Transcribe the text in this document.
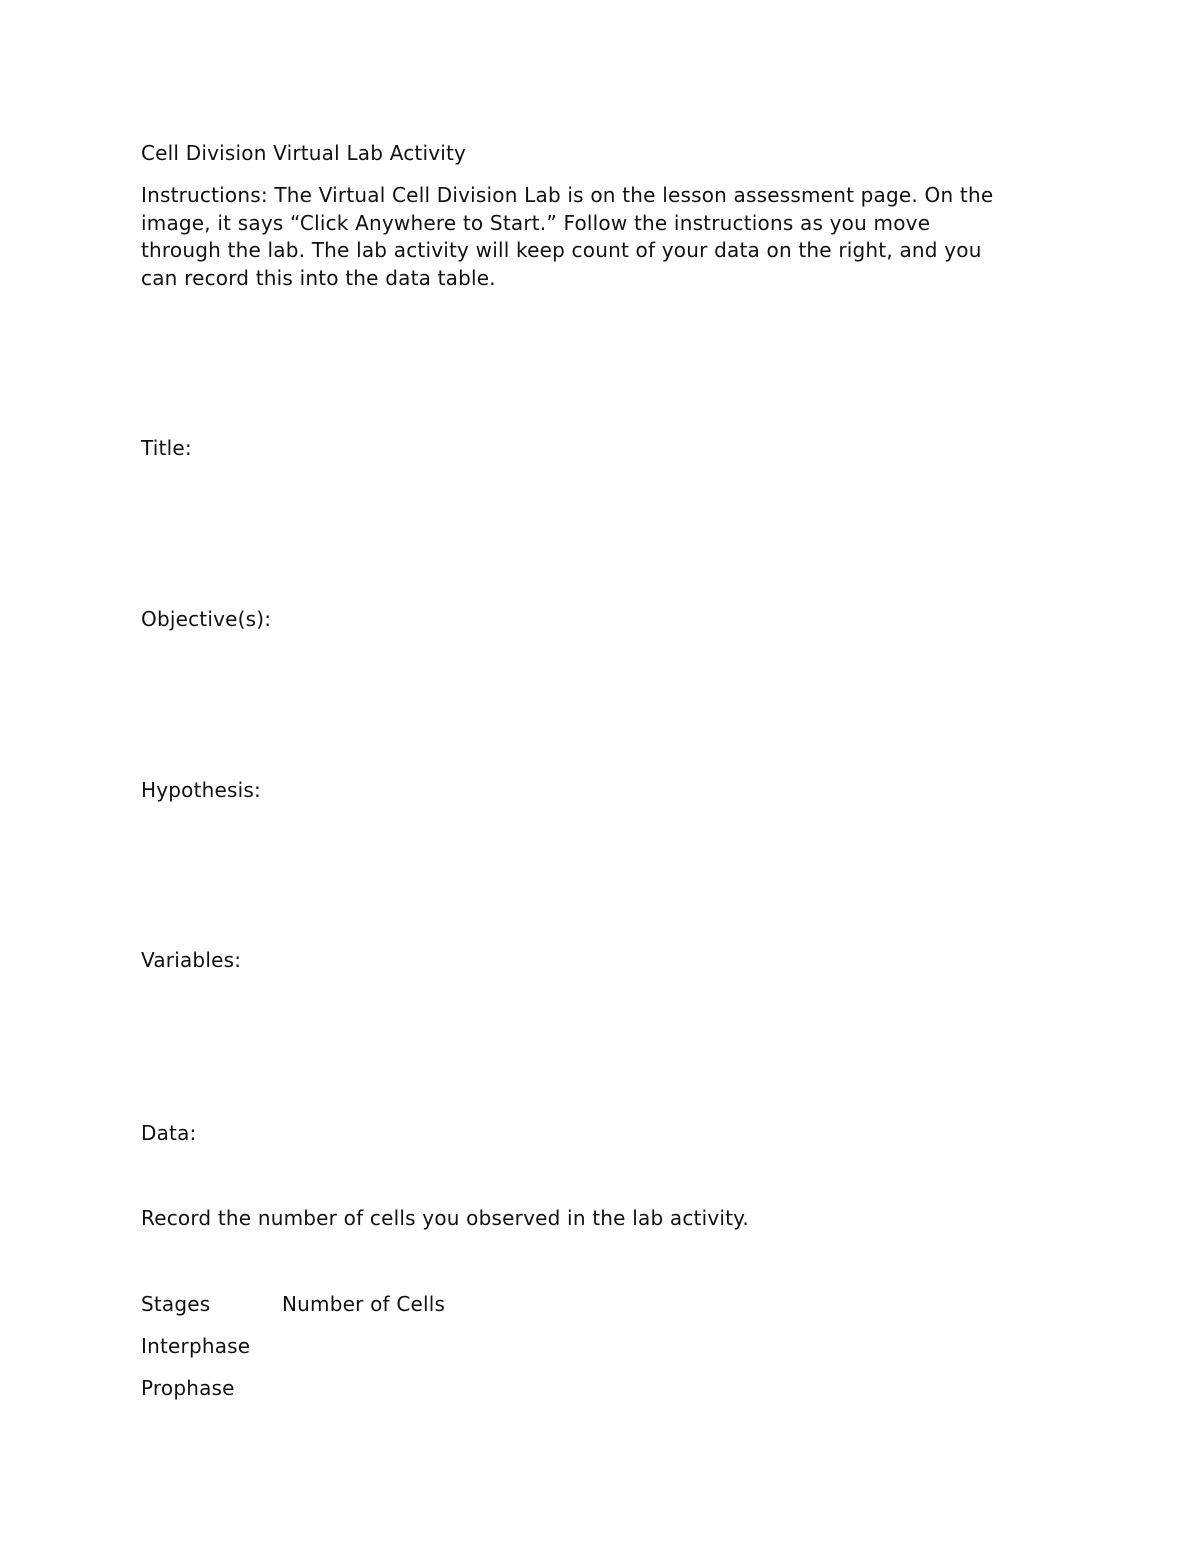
Cell Division Virtual Lab Activity
Instructions: The Virtual Cell Division Lab is on the lesson assessment page. On the
image, it says “Click Anywhere to Start.” Follow the instructions as you move
through the lab. The lab activity will keep count of your data on the right, and you
can record this into the data table.
Title:
Objective(s):
Hypothesis:
Variables:
Data:
Record the number of cells you observed in the lab activity.
Stages	Number of Cells
Interphase
Prophase
